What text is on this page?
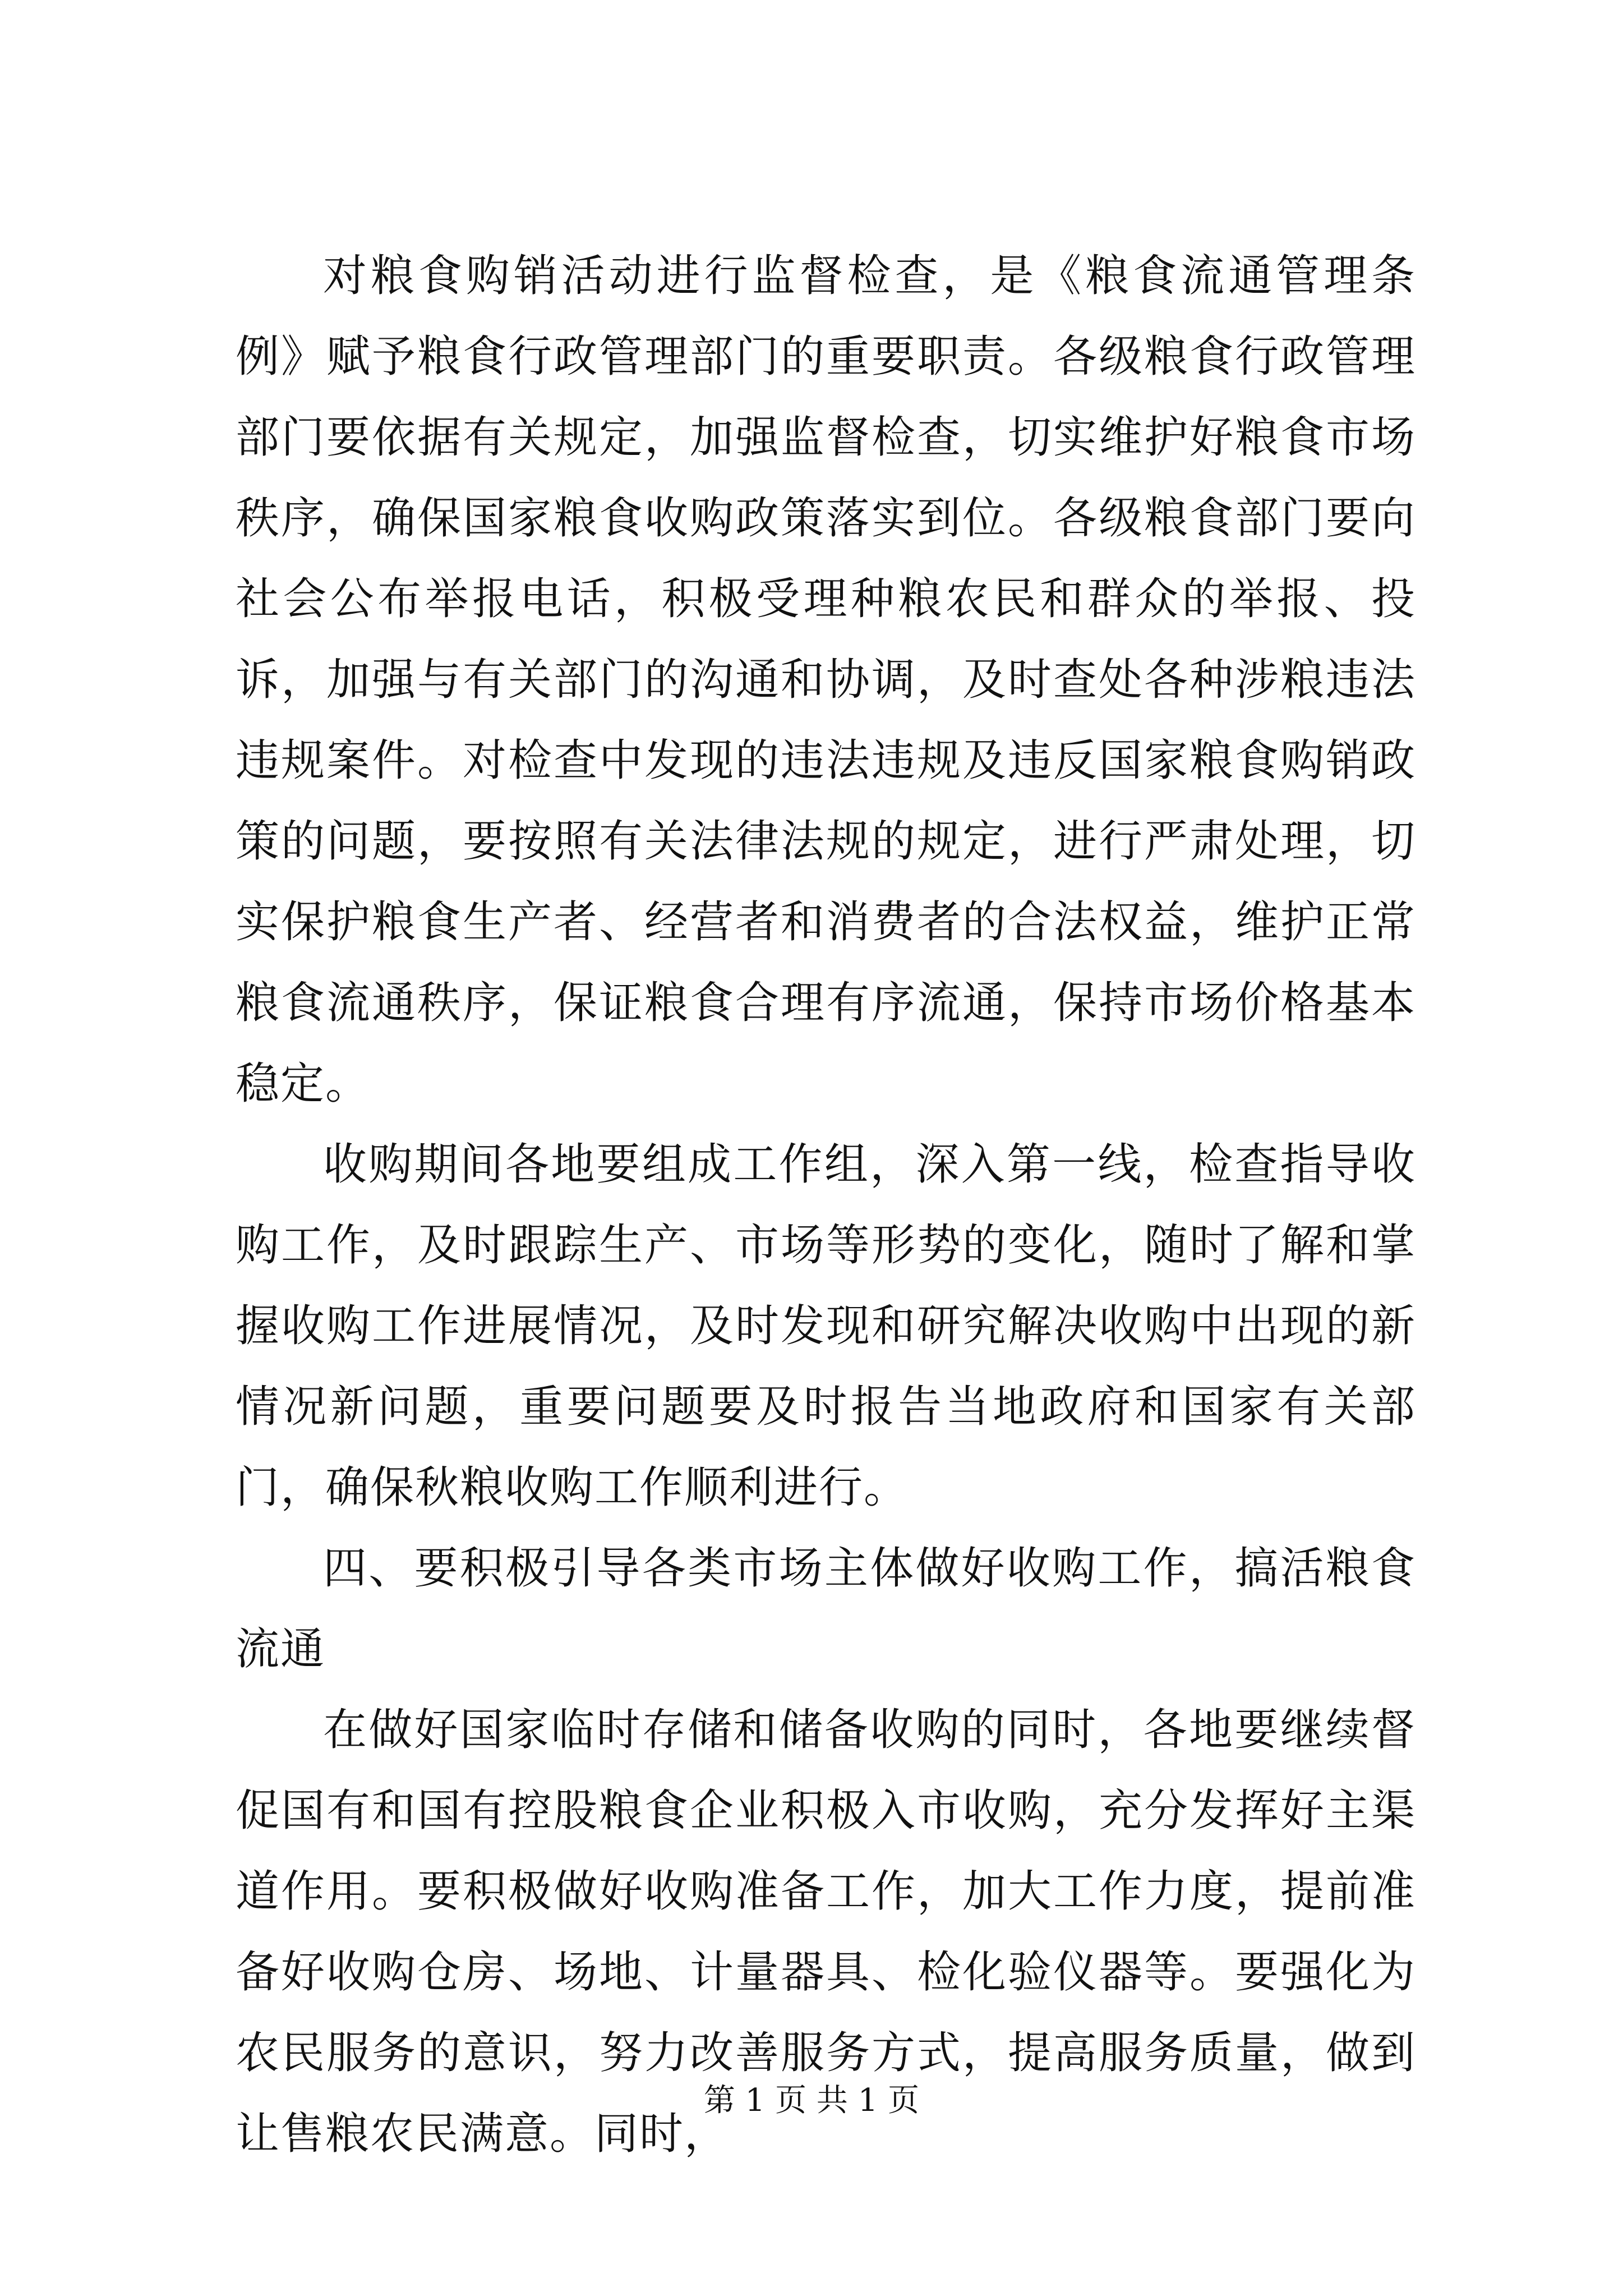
对粮食购销活动进行监督检查，是《粮食流通管理条例》赋予粮食行政管理部门的重要职责。各级粮食行政管理部门要依据有关规定，加强监督检查，切实维护好粮食市场秩序，确保国家粮食收购政策落实到位。各级粮食部门要向社会公布举报电话，积极受理种粮农民和群众的举报、投诉，加强与有关部门的沟通和协调，及时查处各种涉粮违法违规案件。对检查中发现的违法违规及违反国家粮食购销政策的问题，要按照有关法律法规的规定，进行严肃处理，切实保护粮食生产者、经营者和消费者的合法权益，维护正常粮食流通秩序，保证粮食合理有序流通，保持市场价格基本稳定。

收购期间各地要组成工作组，深入第一线，检查指导收购工作，及时跟踪生产、市场等形势的变化，随时了解和掌握收购工作进展情况，及时发现和研究解决收购中出现的新情况新问题，重要问题要及时报告当地政府和国家有关部门，确保秋粮收购工作顺利进行。

四、要积极引导各类市场主体做好收购工作，搞活粮食流通

在做好国家临时存储和储备收购的同时，各地要继续督促国有和国有控股粮食企业积极入市收购，充分发挥好主渠道作用。要积极做好收购准备工作，加大工作力度，提前准备好收购仓房、场地、计量器具、检化验仪器等。要强化为农民服务的意识，努力改善服务方式，提高服务质量，做到让售粮农民满意。同时，

第 1 页 共 1 页
